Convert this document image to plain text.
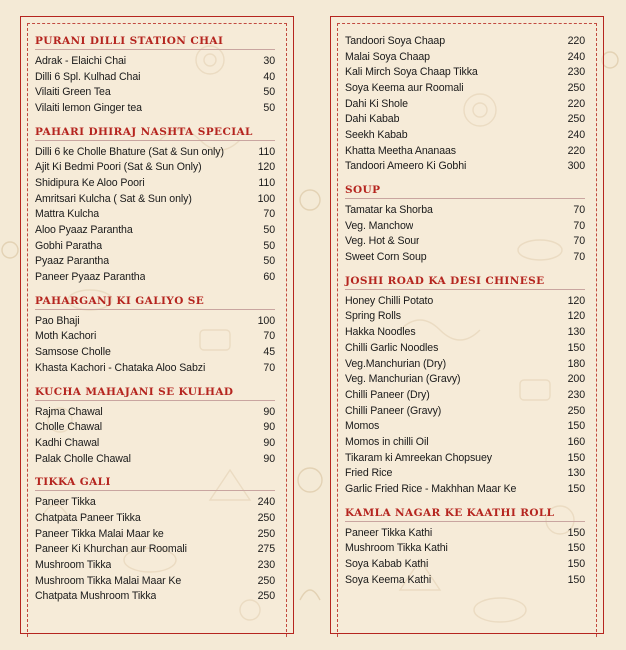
PURANI DILLI STATION CHAI
Adrak - Elaichi Chai	30
Dilli 6 Spl. Kulhad Chai	40
Vilaiti Green Tea	50
Vilaiti lemon Ginger tea	50
PAHARI DHIRAJ NASHTA SPECIAL
Dilli 6 ke Cholle Bhature (Sat & Sun only)	110
Ajit Ki Bedmi Poori (Sat & Sun Only)	120
Shidipura Ke Aloo Poori	110
Amritsari Kulcha ( Sat & Sun only)	100
Mattra Kulcha	70
Aloo Pyaaz Parantha	50
Gobhi Paratha	50
Pyaaz Parantha	50
Paneer Pyaaz Parantha	60
PAHARGANJ KI GALIYO SE
Pao Bhaji	100
Moth Kachori	70
Samsose Cholle	45
Khasta Kachori - Chataka Aloo Sabzi	70
KUCHA MAHAJANI SE KULHAD
Rajma Chawal	90
Cholle Chawal	90
Kadhi Chawal	90
Palak Cholle Chawal	90
TIKKA GALI
Paneer Tikka	240
Chatpata Paneer Tikka	250
Paneer Tikka Malai Maar ke	250
Paneer Ki Khurchan aur Roomali	275
Mushroom Tikka	230
Mushroom Tikka Malai Maar Ke	250
Chatpata Mushroom Tikka	250
Tandoori Soya Chaap	220
Malai Soya Chaap	240
Kali Mirch Soya Chaap Tikka	230
Soya Keema aur Roomali	250
Dahi Ki Shole	220
Dahi Kabab	250
Seekh Kabab	240
Khatta Meetha Ananaas	220
Tandoori Ameero Ki Gobhi	300
SOUP
Tamatar ka Shorba	70
Veg. Manchow	70
Veg. Hot & Sour	70
Sweet Corn Soup	70
JOSHI ROAD KA DESI CHINESE
Honey Chilli Potato	120
Spring Rolls	120
Hakka Noodles	130
Chilli Garlic Noodles	150
Veg.Manchurian (Dry)	180
Veg. Manchurian (Gravy)	200
Chilli Paneer (Dry)	230
Chilli Paneer (Gravy)	250
Momos	150
Momos in chilli Oil	160
Tikaram ki Amreekan Chopsuey	150
Fried Rice	130
Garlic Fried Rice - Makhhan Maar Ke	150
KAMLA NAGAR KE KAATHI ROLL
Paneer Tikka Kathi	150
Mushroom Tikka Kathi	150
Soya Kabab Kathi	150
Soya Keema Kathi	150
